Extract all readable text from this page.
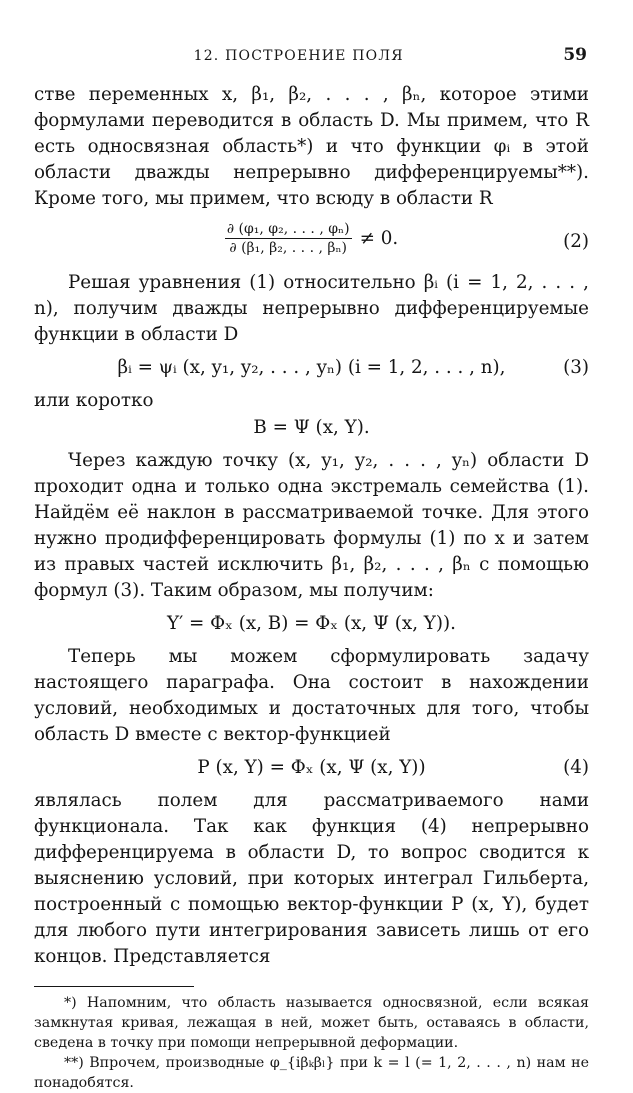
12. ПОСТРОЕНИЕ ПОЛЯ	59

стве переменных x, β₁, β₂, . . . , βₙ, которое этими формулами переводится в область D. Мы примем, что R есть односвязная область*) и что функции φᵢ в этой области дважды непрерывно дифференцируемы**). Кроме того, мы примем, что всюду в области R

$\frac{\text{∂ (φ₁, φ₂, . . . , φₙ)}}{\text{∂ (β₁, β₂, . . . , βₙ)}} \ne 0$.	(2)

Решая уравнения (1) относительно βᵢ (i = 1, 2, . . . , n), получим дважды непрерывно дифференцируемые функции в области D

βᵢ = ψᵢ (x, y₁, y₂, . . . , yₙ) (i = 1, 2, . . . , n),	(3)

или коротко

B = Ψ (x, Y).

Через каждую точку (x, y₁, y₂, . . . , yₙ) области D проходит одна и только одна экстремаль семейства (1). Найдём её наклон в рассматриваемой точке. Для этого нужно продифференцировать формулы (1) по x и затем из правых частей исключить β₁, β₂, . . . , βₙ с помощью формул (3). Таким образом, мы получим:

Y′ = Φₓ (x, B) = Φₓ (x, Ψ (x, Y)).

Теперь мы можем сформулировать задачу настоящего параграфа. Она состоит в нахождении условий, необходимых и достаточных для того, чтобы область D вместе с вектор-функцией

P (x, Y) = Φₓ (x, Ψ (x, Y))	(4)

являлась полем для рассматриваемого нами функционала. Так как функция (4) непрерывно дифференцируема в области D, то вопрос сводится к выяснению условий, при которых интеграл Гильберта, построенный с помощью вектор-функции P (x, Y), будет для любого пути интегрирования зависеть лишь от его концов. Представляется

*) Напомним, что область называется односвязной, если всякая замкнутая кривая, лежащая в ней, может быть, оставаясь в области, сведена в точку при помощи непрерывной деформации.

**) Впрочем, производные φ_{iβₖβₗ} при k = l (= 1, 2, . . . , n) нам не понадобятся.
